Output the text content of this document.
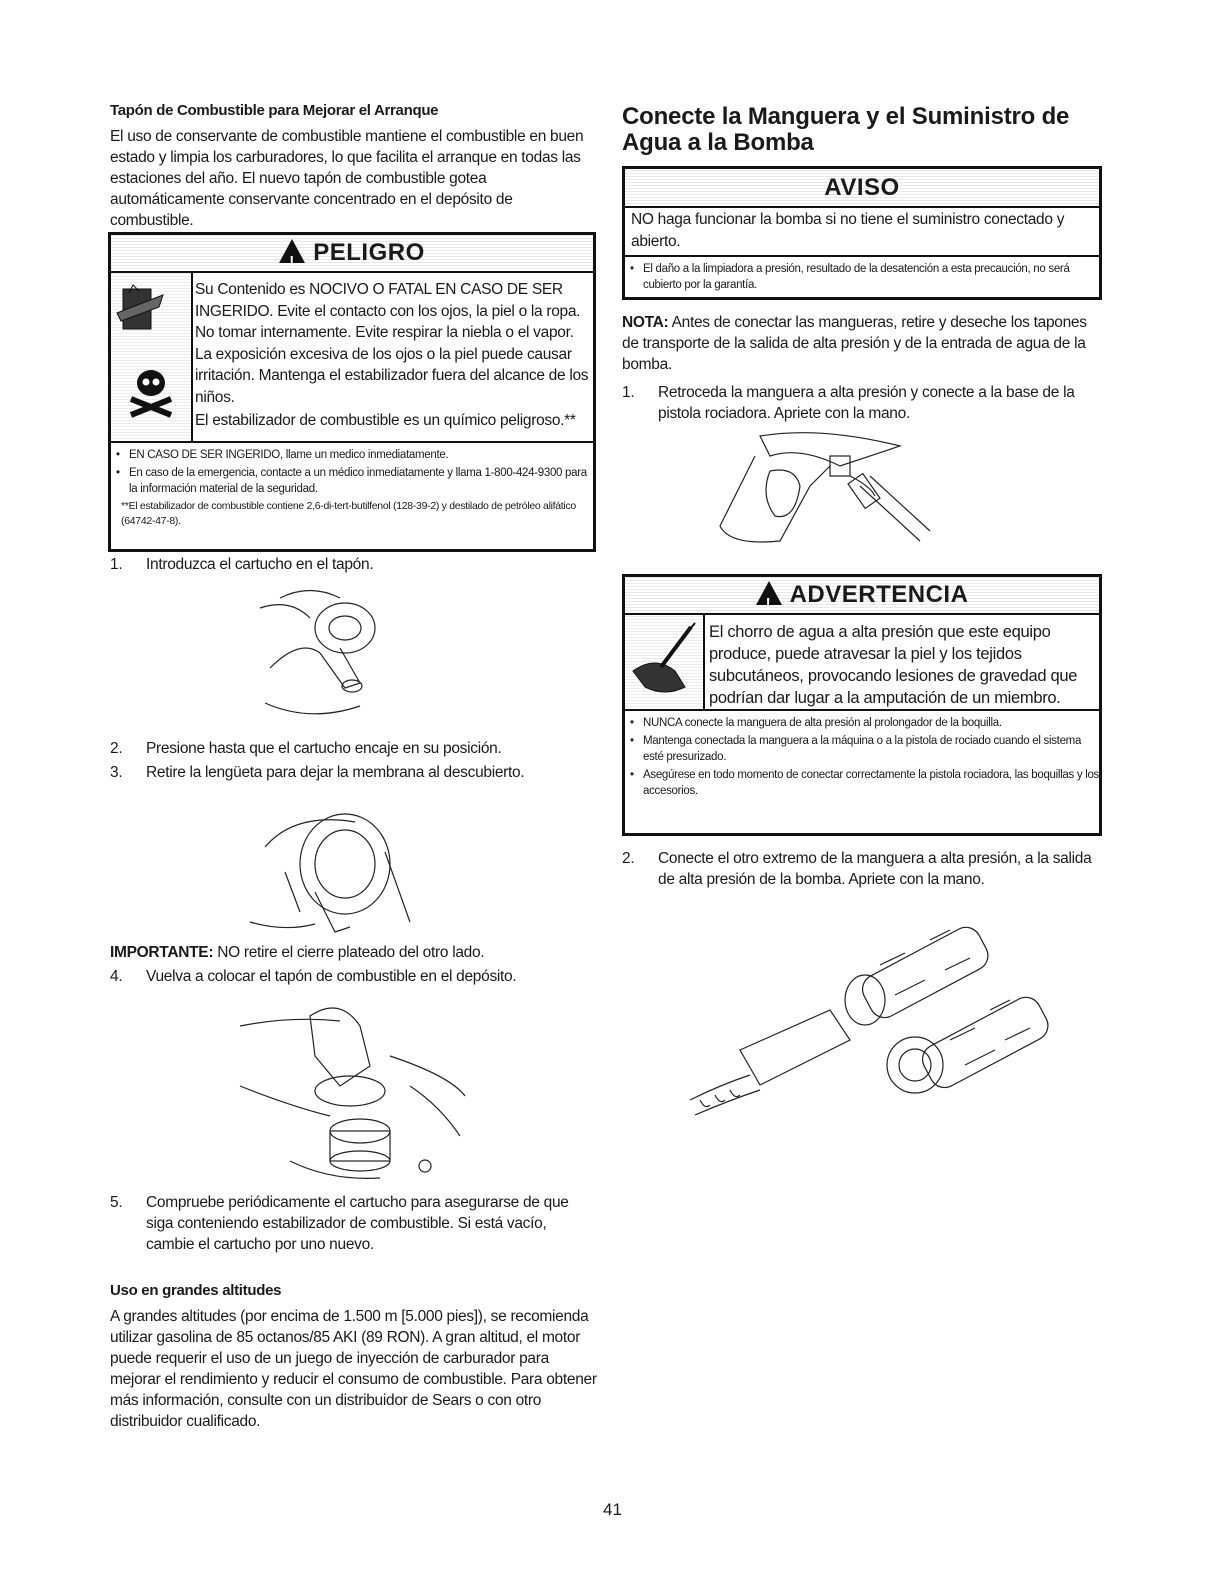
Tapón de Combustible para Mejorar el Arranque
El uso de conservante de combustible mantiene el combustible en buen estado y limpia los carburadores, lo que facilita el arranque en todas las estaciones del año. El nuevo tapón de combustible gotea automáticamente conservante concentrado en el depósito de combustible.
!PELIGRO
Su Contenido es NOCIVO O FATAL EN CASO DE SER INGERIDO. Evite el contacto con los ojos, la piel o la ropa. No tomar internamente. Evite respirar la niebla o el vapor. La exposición excesiva de los ojos o la piel puede causar irritación. Mantenga el estabilizador fuera del alcance de los niños.
El estabilizador de combustible es un químico peligroso.**
• EN CASO DE SER INGERIDO, llame un medico inmediatamente.
• En caso de la emergencia, contacte a un médico inmediatamente y llama 1-800-424-9300 para la información material de la seguridad.
**El estabilizador de combustible contiene 2,6-di-tert-butilfenol (128-39-2) y destilado de petróleo alifático (64742-47-8).
1. Introduzca el cartucho en el tapón.
2. Presione hasta que el cartucho encaje en su posición.
3. Retire la lengüeta para dejar la membrana al descubierto.
IMPORTANTE: NO retire el cierre plateado del otro lado.
4. Vuelva a colocar el tapón de combustible en el depósito.
5. Compruebe periódicamente el cartucho para asegurarse de que siga conteniendo estabilizador de combustible. Si está vacío, cambie el cartucho por uno nuevo.
Uso en grandes altitudes
A grandes altitudes (por encima de 1.500 m [5.000 pies]), se recomienda utilizar gasolina de 85 octanos/85 AKI (89 RON). A gran altitud, el motor puede requerir el uso de un juego de inyección de carburador para mejorar el rendimiento y reducir el consumo de combustible. Para obtener más información, consulte con un distribuidor de Sears o con otro distribuidor cualificado.
Conecte la Manguera y el Suministro de Agua a la Bomba
AVISO
NO haga funcionar la bomba si no tiene el suministro conectado y abierto.
• El daño a la limpiadora a presión, resultado de la desatención a esta precaución, no será cubierto por la garantía.
NOTA: Antes de conectar las mangueras, retire y deseche los tapones de transporte de la salida de alta presión y de la entrada de agua de la bomba.
1. Retroceda la manguera a alta presión y conecte a la base de la pistola rociadora. Apriete con la mano.
!ADVERTENCIA
El chorro de agua a alta presión que este equipo produce, puede atravesar la piel y los tejidos subcutáneos, provocando lesiones de gravedad que podrían dar lugar a la amputación de un miembro.
• NUNCA conecte la manguera de alta presión al prolongador de la boquilla.
• Mantenga conectada la manguera a la máquina o a la pistola de rociado cuando el sistema esté presurizado.
• Asegúrese en todo momento de conectar correctamente la pistola rociadora, las boquillas y los accesorios.
2. Conecte el otro extremo de la manguera a alta presión, a la salida de alta presión de la bomba. Apriete con la mano.
41
